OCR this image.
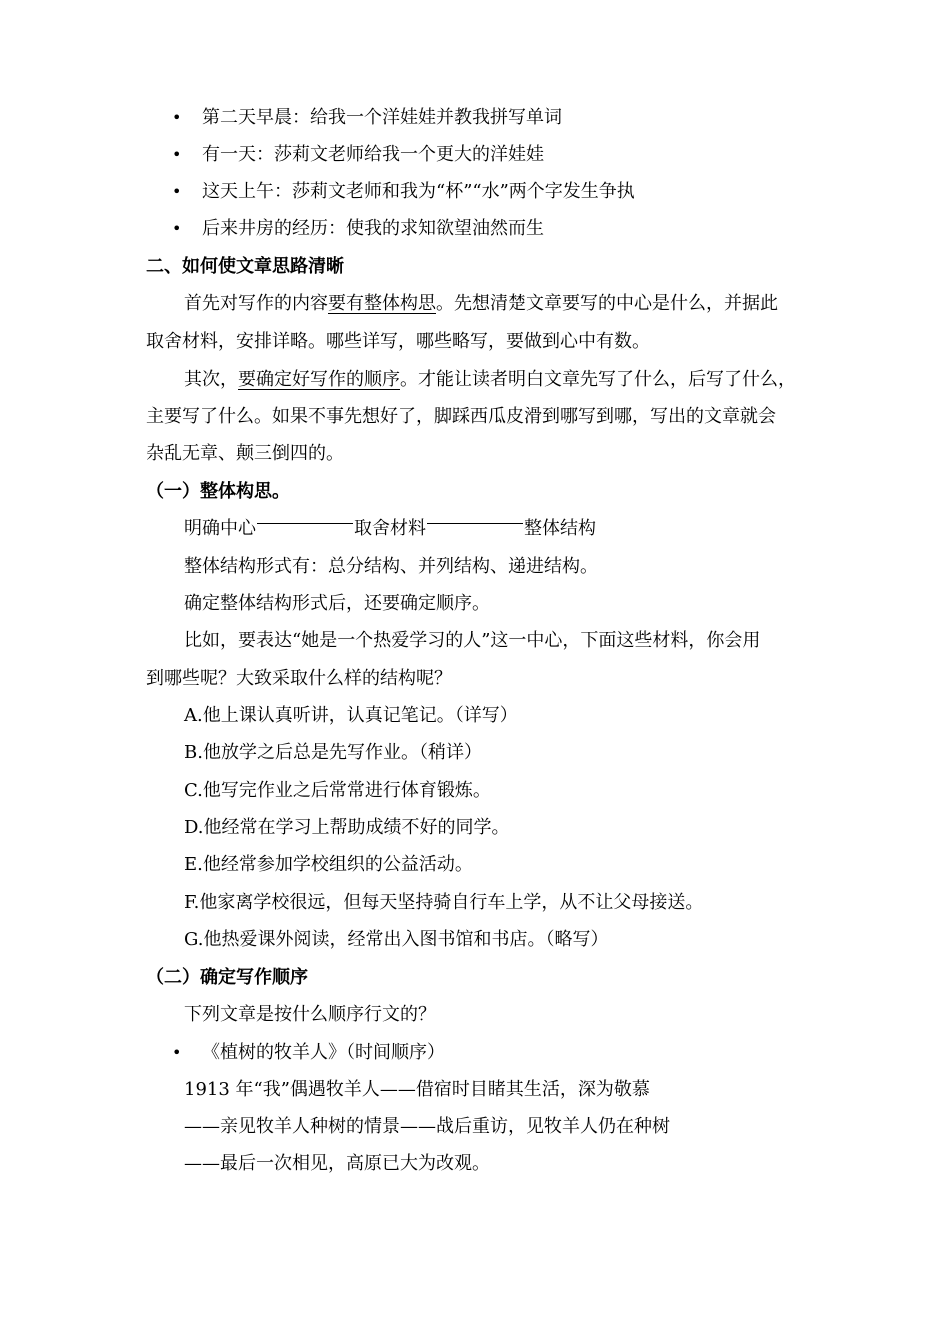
• 第二天早晨：给我一个洋娃娃并教我拼写单词
• 有一天：莎莉文老师给我一个更大的洋娃娃
• 这天上午：莎莉文老师和我为“杯”“水”两个字发生争执
• 后来井房的经历：使我的求知欲望油然而生
二、如何使文章思路清晰
首先对写作的内容要有整体构思。先想清楚文章要写的中心是什么，并据此
取舍材料，安排详略。哪些详写，哪些略写，要做到心中有数。
其次，要确定好写作的顺序。才能让读者明白文章先写了什么，后写了什么，
主要写了什么。如果不事先想好了，脚踩西瓜皮滑到哪写到哪，写出的文章就会
杂乱无章、颠三倒四的。
（一）整体构思。
明确中心	取舍材料	整体结构
整体结构形式有：总分结构、并列结构、递进结构。
确定整体结构形式后，还要确定顺序。
比如，要表达“她是一个热爱学习的人”这一中心，下面这些材料，你会用
到哪些呢？大致采取什么样的结构呢？
A.他上课认真听讲，认真记笔记。（详写）
B.他放学之后总是先写作业。（稍详）
C.他写完作业之后常常进行体育锻炼。
D.他经常在学习上帮助成绩不好的同学。
E.他经常参加学校组织的公益活动。
F.他家离学校很远，但每天坚持骑自行车上学，从不让父母接送。
G.他热爱课外阅读，经常出入图书馆和书店。（略写）
（二）确定写作顺序
下列文章是按什么顺序行文的？
• 《植树的牧羊人》（时间顺序）
1913 年“我”偶遇牧羊人——借宿时目睹其生活，深为敬慕
——亲见牧羊人种树的情景——战后重访，见牧羊人仍在种树
——最后一次相见，高原已大为改观。
